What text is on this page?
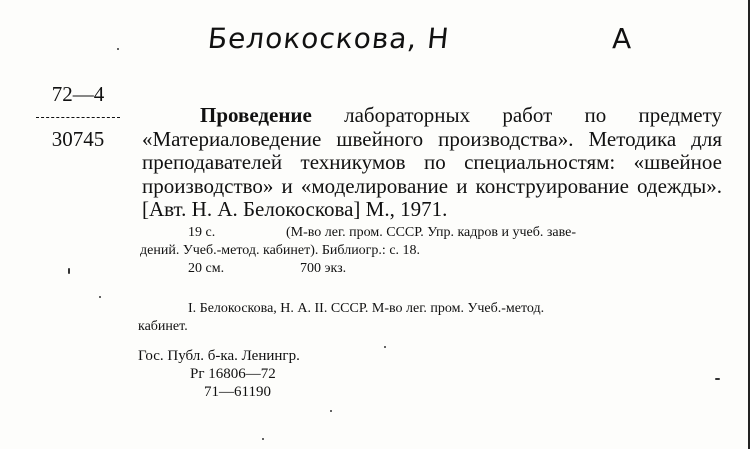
Белокоскова, Н	А
72—4
30745
Проведение лабораторных работ по предмету «Материаловедение швейного производства». Методика для преподавателей техникумов по специальностям: «швейное производство» и «моделирование и конструирование одежды». [Авт. Н. А. Белокоскова] М., 1971.
19 с.	(М-во лег. пром. СССР. Упр. кадров и учеб. заве-
дений. Учеб.-метод. кабинет). Библиогр.: с. 18.
20 см.	700 экз.
I. Белокоскова, Н. А. II. СССР. М-во лег. пром. Учеб.-метод.
кабинет.
Гос. Публ. б-ка. Ленингр.
Рг 16806—72
71—61190
